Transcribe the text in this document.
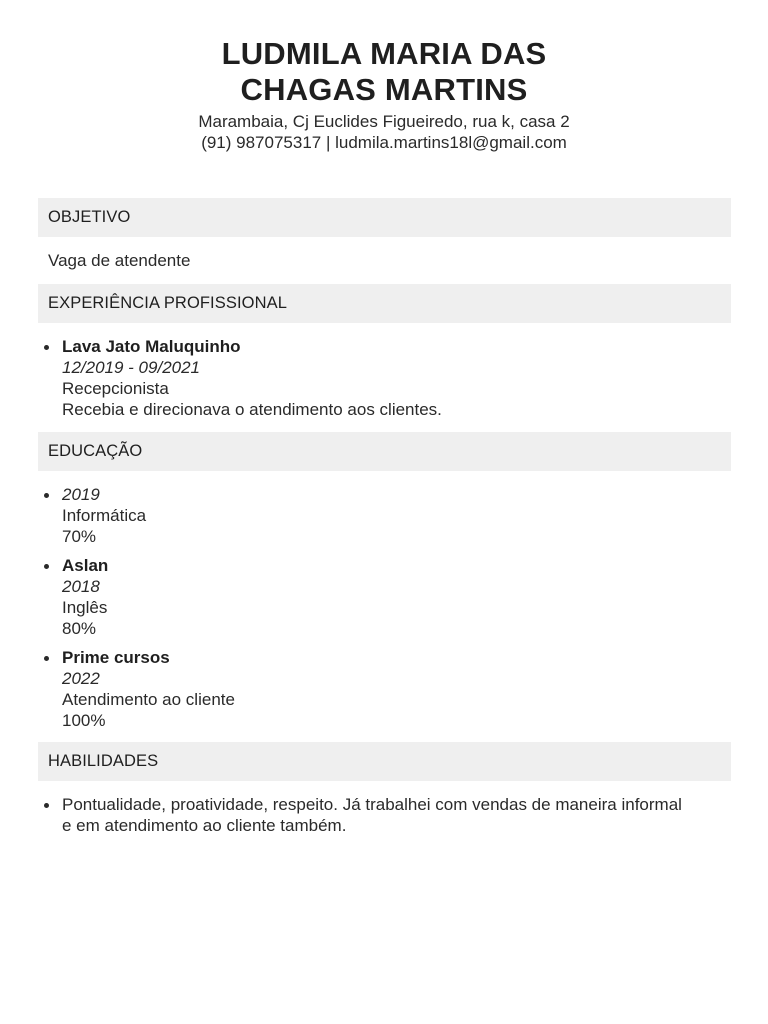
LUDMILA MARIA DAS
CHAGAS MARTINS
Marambaia, Cj Euclides Figueiredo, rua k, casa 2
(91) 987075317 | ludmila.martins18l@gmail.com
OBJETIVO
Vaga de atendente
EXPERIÊNCIA PROFISSIONAL
Lava Jato Maluquinho
12/2019 - 09/2021
Recepcionista
Recebia e direcionava o atendimento aos clientes.
EDUCAÇÃO
2019
Informática
70%
Aslan
2018
Inglês
80%
Prime cursos
2022
Atendimento ao cliente
100%
HABILIDADES
Pontualidade, proatividade, respeito. Já trabalhei com vendas de maneira informal e em atendimento ao cliente também.
